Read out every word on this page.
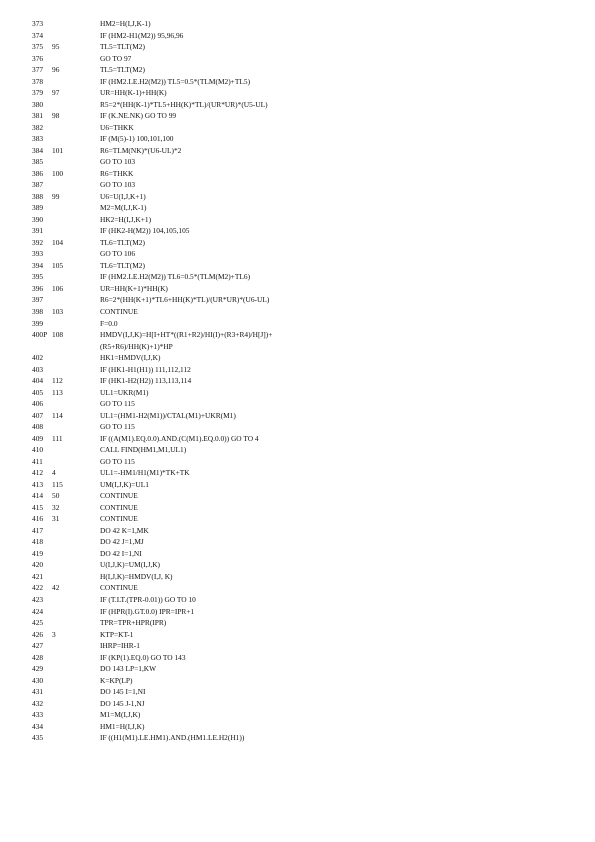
373	HM2=H(I,J,K-1)
374	IF (HM2-H1(M2)) 95,96,96
375 95	TL5=TLT(M2)
376	GO TO 97
377 96	TL5=TLT(M2)
378	IF (HM2.LE.H2(M2)) TL5=0.5*(TLM(M2)+TL5)
379 97	UR=HH(K-1)+HH(K)
380	R5=2*(HH(K-1)*TL5+HH(K)*TL)/(UR*UR)*(U5-UL)
381 98	IF (K.NE.NK) GO TO 99
382	U6=THKK
383	IF (M(5)-1) 100,101,100
384 101	R6=TLM(NK)*(U6-UL)*2
385	GO TO 103
386 100	R6=THKK
387	GO TO 103
388 99	U6=U(I,J,K+1)
389	M2=M(I,J,K-1)
390	HK2=H(I,J,K+1)
391	IF (HK2-H(M2)) 104,105,105
392 104	TL6=TLT(M2)
393	GO TO 106
394 105	TL6=TLT(M2)
395	IF (HM2.LE.H2(M2)) TL6=0.5*(TLM(M2)+TL6)
396 106	UR=HH(K+1)*HH(K)
397	R6=2*(HH(K+1)*TL6+HH(K)*TL)/(UR*UR)*(U6-UL)
398 103	CONTINUE
399	F=0.0
400P 108	HMDV(I,J,K)=H[I+HT*((R1+R2)/HI(I)+(R3+R4)/H[J])+
(R5+R6)/HH(K)+1)*HP
402	HK1=HMDV(I,J,K)
403	IF (HK1-H1(H1)) 111,112,112
404 112	IF (HK1-H2(H2)) 113,113,114
405 113	UL1=UKR(M1)
406	GO TO 115
407 114	UL1=(HM1-H2(M1))/CTAL(M1)+UKR(M1)
408	GO TO 115
409 111	IF ((A(M1).EQ.0.0).AND.(C(M1).EQ.0.0)) GO TO 4
410	CALL FIND(HM1,M1,UL1)
411	GO TO 115
412 4	UL1=-HM1/H1(M1)*TK+TK
413 115	UM(I,J,K)=UL1
414 50	CONTINUE
415 32	CONTINUE
416 31	CONTINUE
417	DO 42 K=1,MK
418	DO 42 J=1,MJ
419	DO 42 I=1,NI
420	U(I,J,K)=UM(I,J,K)
421	H(I,J,K)=HMDV(I,J, K)
422 42	CONTINUE
423	IF (T.LT.(TPR-0.01)) GO TO 10
424	IF (HPR(I).GT.0.0) IPR=IPR+1
425	TPR=TPR+HPR(IPR)
426 3	KTP=KT-1
427	IHRP=IHR-1
428	IF (KP(1).EQ.0) GO TO 143
429	DO 143 LP=1,KW
430	K=KP(LP)
431	DO 145 I=1,NI
432	DO 145 J-1,NJ
433	M1=M(I,J,K)
434	HM1=H(I,J,K)
435	IF ((H1(M1).LE.HM1).AND.(HM1.LE.H2(H1))
